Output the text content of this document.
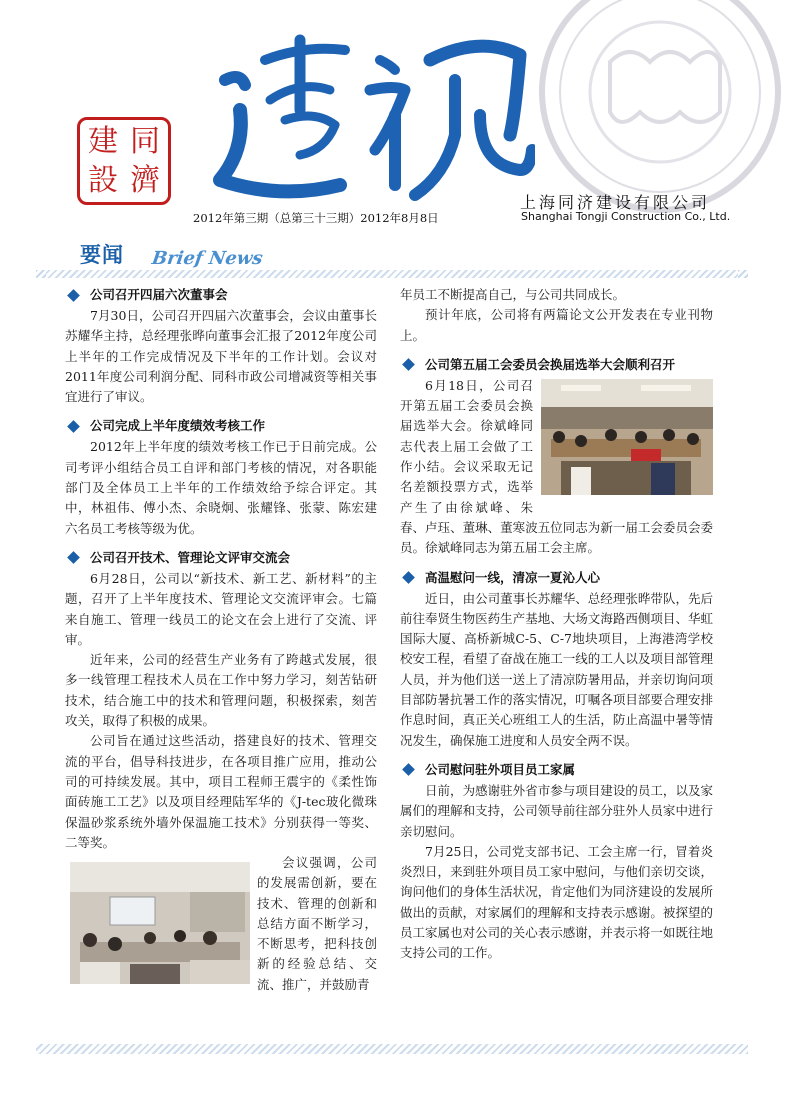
建 同
設 濟
上海同济建设有限公司
Shanghai Tongji Construction Co., Ltd.
2012年第三期（总第三十三期）2012年8月8日
要闻 Brief News
公司召开四届六次董事会

7月30日，公司召开四届六次董事会，会议由董事长苏耀华主持，总经理张晔向董事会汇报了2012年度公司上半年的工作完成情况及下半年的工作计划。会议对2011年度公司利润分配、同科市政公司增减资等相关事宜进行了审议。

公司完成上半年度绩效考核工作

2012年上半年度的绩效考核工作已于日前完成。公司考评小组结合员工自评和部门考核的情况，对各职能部门及全体员工上半年的工作绩效给予综合评定。其中，林祖伟、傅小杰、余晓炯、张耀锋、张蒙、陈宏建六名员工考核等级为优。

公司召开技术、管理论文评审交流会

6月28日，公司以“新技术、新工艺、新材料”的主题，召开了上半年度技术、管理论文交流评审会。七篇来自施工、管理一线员工的论文在会上进行了交流、评审。

近年来，公司的经营生产业务有了跨越式发展，很多一线管理工程技术人员在工作中努力学习，刻苦钻研技术，结合施工中的技术和管理问题，积极探索，刻苦攻关，取得了积极的成果。

公司旨在通过这些活动，搭建良好的技术、管理交流的平台，倡导科技进步，在各项目推广应用，推动公司的可持续发展。其中，项目工程师王震宇的《柔性饰面砖施工工艺》以及项目经理陆军华的《J-tec玻化微珠保温砂浆系统外墙外保温施工技术》分别获得一等奖、二等奖。

会议强调，公司的发展需创新，要在技术、管理的创新和总结方面不断学习，不断思考，把科技创新的经验总结、交流、推广，并鼓励青

年员工不断提高自己，与公司共同成长。

预计年底，公司将有两篇论文公开发表在专业刊物上。

公司第五届工会委员会换届选举大会顺利召开

6月18日，公司召开第五届工会委员会换届选举大会。徐斌峰同志代表上届工会做了工作小结。会议采取无记名差额投票方式，选举产生了由徐斌峰、朱春、卢珏、董琳、董寒波五位同志为新一届工会委员会委员。徐斌峰同志为第五届工会主席。

高温慰问一线，清凉一夏沁人心

近日，由公司董事长苏耀华、总经理张晔带队，先后前往奉贤生物医药生产基地、大场文海路西侧项目、华虹国际大厦、高桥新城C-5、C-7地块项目，上海港湾学校校安工程，看望了奋战在施工一线的工人以及项目部管理人员，并为他们送一送上了清凉防暑用品，并亲切询问项目部防暑抗暑工作的落实情况，叮嘱各项目部要合理安排作息时间，真正关心班组工人的生活，防止高温中暑等情况发生，确保施工进度和人员安全两不误。

公司慰问驻外项目员工家属

日前，为感谢驻外省市参与项目建设的员工，以及家属们的理解和支持，公司领导前往部分驻外人员家中进行亲切慰问。

7月25日，公司党支部书记、工会主席一行，冒着炎炎烈日，来到驻外项目员工家中慰问，与他们亲切交谈，询问他们的身体生活状况，肯定他们为同济建设的发展所做出的贡献，对家属们的理解和支持表示感谢。被探望的员工家属也对公司的关心表示感谢，并表示将一如既往地支持公司的工作。
